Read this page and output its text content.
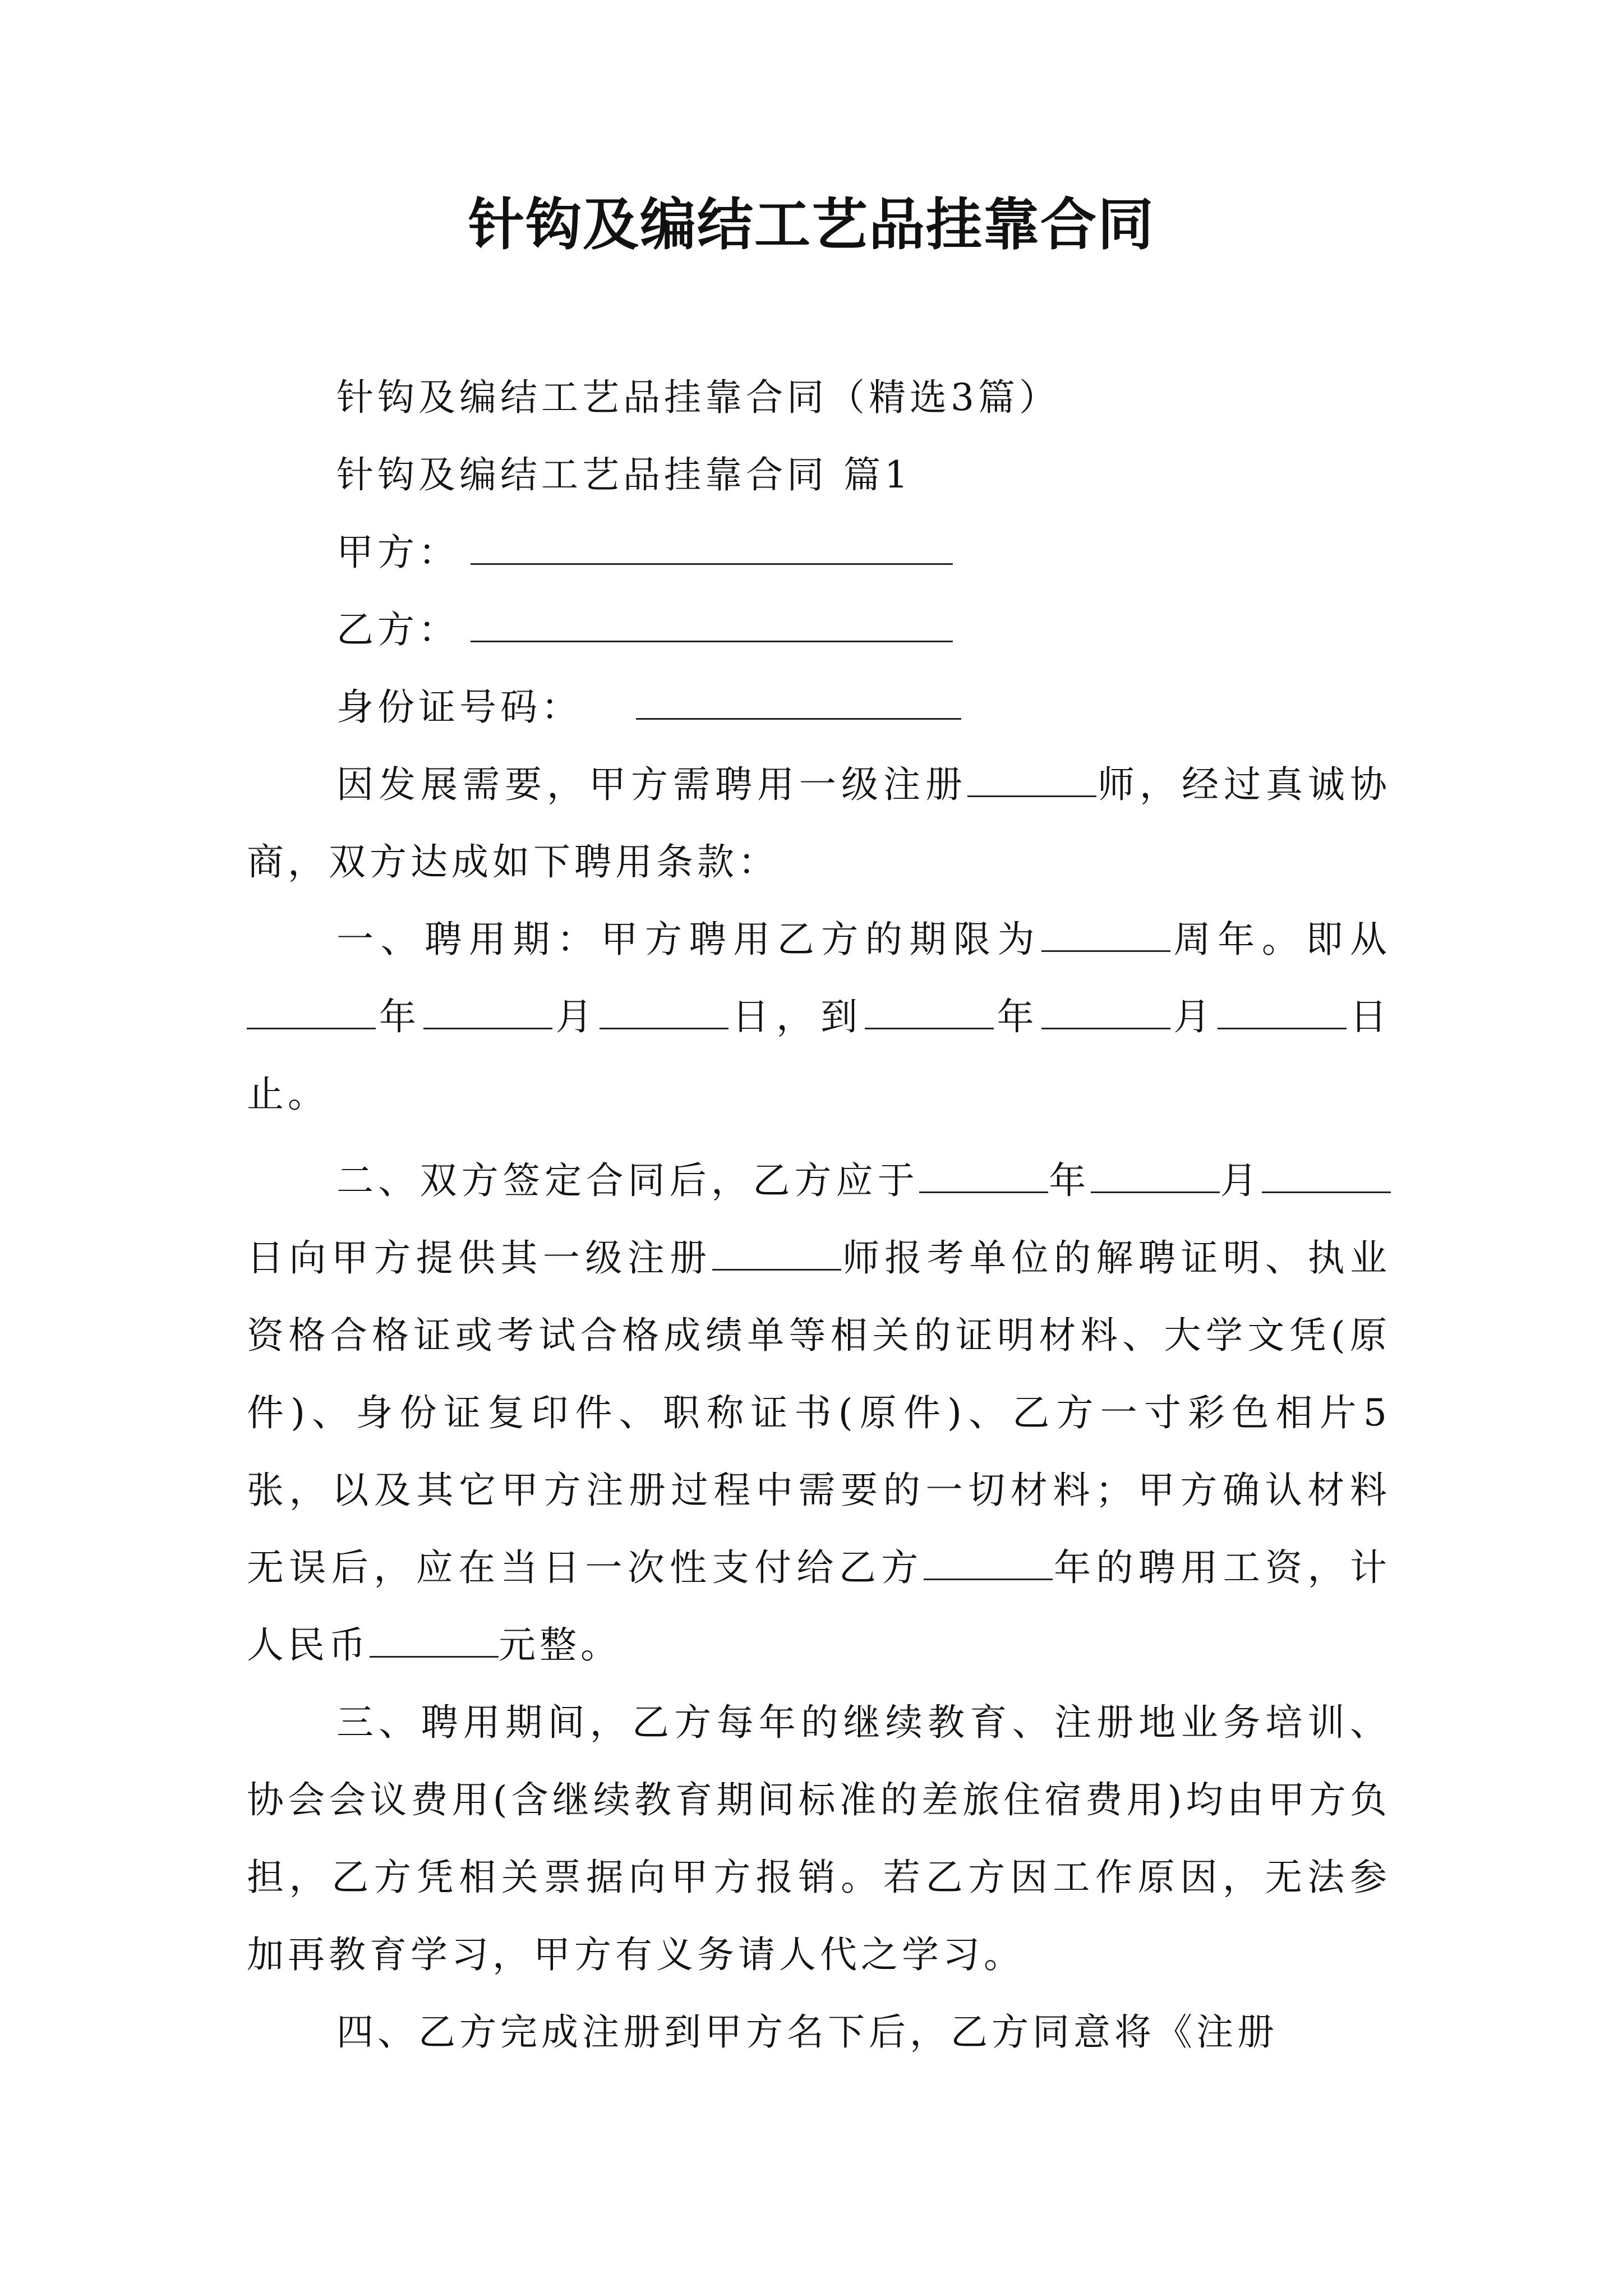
针钩及编结工艺品挂靠合同

针钩及编结工艺品挂靠合同（精选3篇）

针钩及编结工艺品挂靠合同 篇1

甲方：

乙方：

身份证号码：

因发展需要，甲方需聘用一级注册	师，经过真诚协商，双方达成如下聘用条款：

一、聘用期：甲方聘用乙方的期限为	周年。即从年	月	日，到	年	月	日止。

二、双方签定合同后，乙方应于	年	月日向甲方提供其一级注册	师报考单位的解聘证明、执业资格合格证或考试合格成绩单等相关的证明材料、大学文凭(原件)、身份证复印件、职称证书(原件)、乙方一寸彩色相片5张，以及其它甲方注册过程中需要的一切材料；甲方确认材料无误后，应在当日一次性支付给乙方	年的聘用工资，计人民币	元整。

三、聘用期间，乙方每年的继续教育、注册地业务培训、协会会议费用(含继续教育期间标准的差旅住宿费用)均由甲方负担，乙方凭相关票据向甲方报销。若乙方因工作原因，无法参加再教育学习，甲方有义务请人代之学习。

四、乙方完成注册到甲方名下后，乙方同意将《注册
